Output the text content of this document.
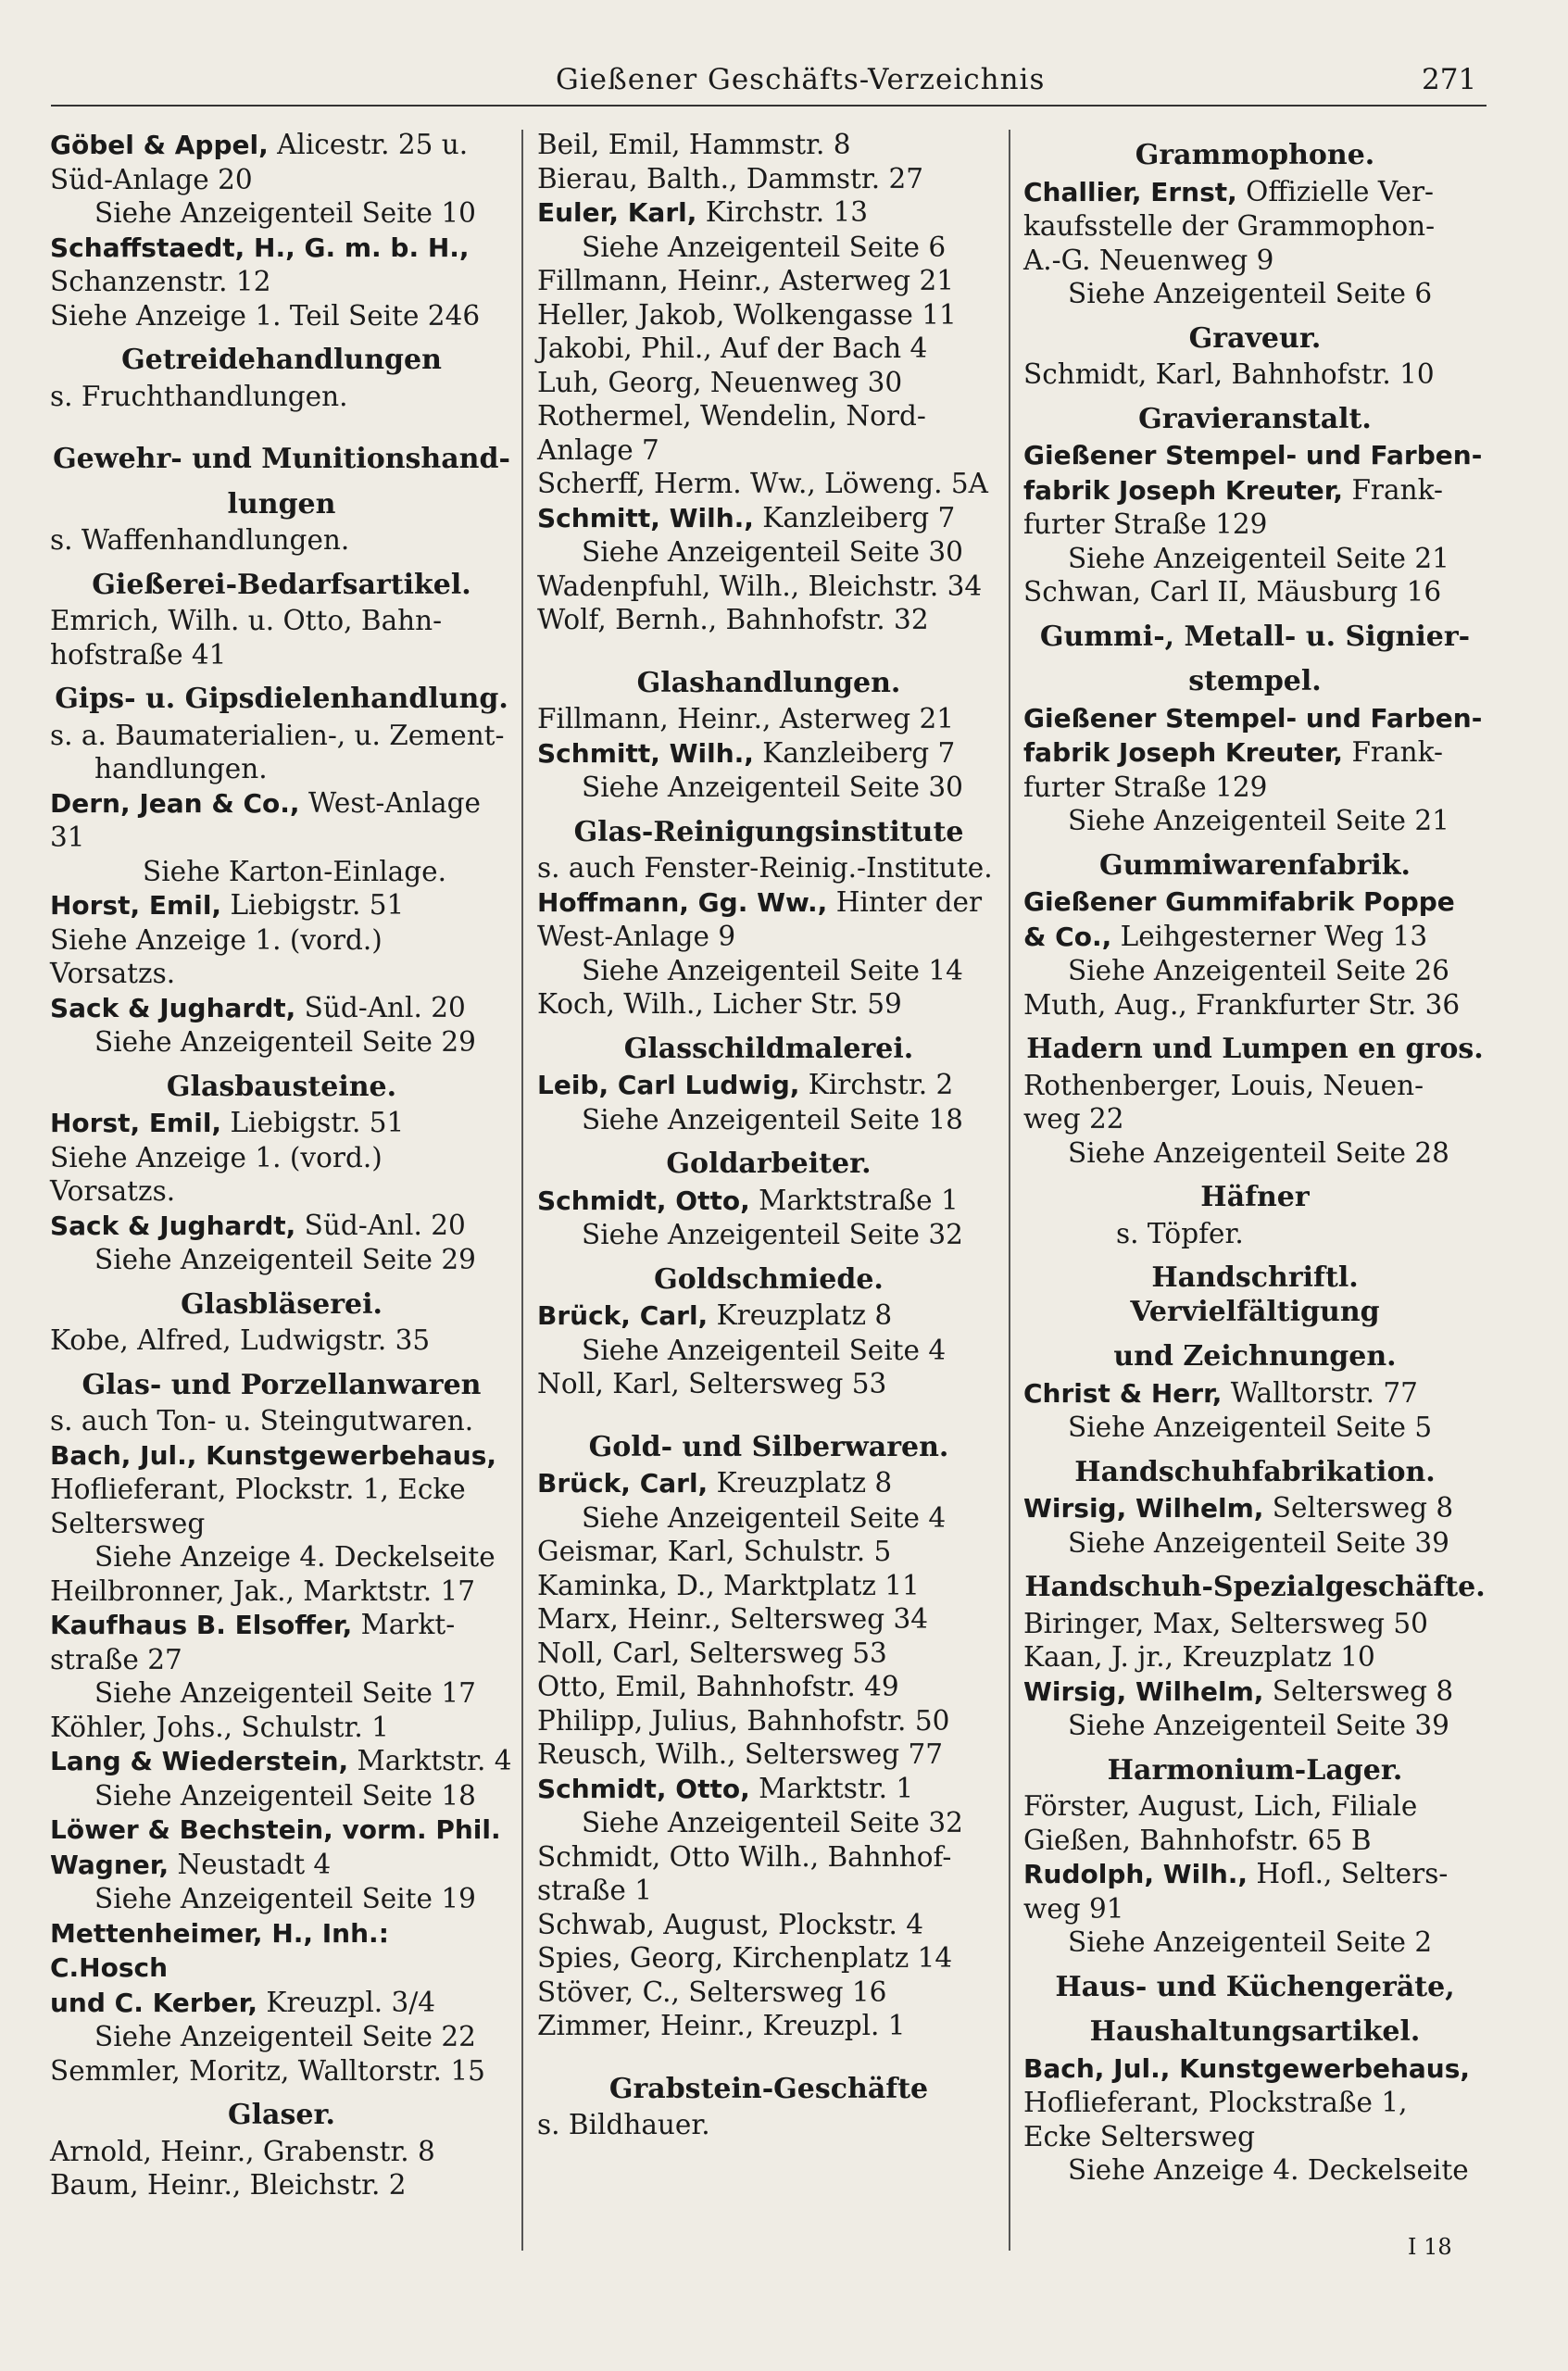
Gießener Geschäfts-Verzeichnis	271
Göbel & Appel, Alicestr. 25 u.
Süd-Anlage 20
Siehe Anzeigenteil Seite 10
Schaffstaedt, H., G. m. b. H.,
Schanzenstr. 12
Siehe Anzeige 1. Teil Seite 246
Getreidehandlungen
s. Fruchthandlungen.
Gewehr- und Munitionshand-
lungen
s. Waffenhandlungen.
Gießerei-Bedarfsartikel.
Emrich, Wilh. u. Otto, Bahn-
hofstraße 41
Gips- u. Gipsdielenhandlung.
s. a. Baumaterialien-, u. Zement-
handlungen.
Dern, Jean & Co., West-Anlage 31
Siehe Karton-Einlage.
Horst, Emil, Liebigstr. 51
Siehe Anzeige 1. (vord.) Vorsatzs.
Sack & Jughardt, Süd-Anl. 20
Siehe Anzeigenteil Seite 29
Glasbausteine.
Horst, Emil, Liebigstr. 51
Siehe Anzeige 1. (vord.) Vorsatzs.
Sack & Jughardt, Süd-Anl. 20
Siehe Anzeigenteil Seite 29
Glasbläserei.
Kobe, Alfred, Ludwigstr. 35
Glas- und Porzellanwaren
s. auch Ton- u. Steingutwaren.
Bach, Jul., Kunstgewerbehaus,
Hoflieferant, Plockstr. 1, Ecke
Seltersweg
Siehe Anzeige 4. Deckelseite
Heilbronner, Jak., Marktstr. 17
Kaufhaus B. Elsoffer, Markt-
straße 27
Siehe Anzeigenteil Seite 17
Köhler, Johs., Schulstr. 1
Lang & Wiederstein, Marktstr. 4
Siehe Anzeigenteil Seite 18
Löwer & Bechstein, vorm. Phil.
Wagner, Neustadt 4
Siehe Anzeigenteil Seite 19
Mettenheimer, H., Inh.: C.Hosch
und C. Kerber, Kreuzpl. 3/4
Siehe Anzeigenteil Seite 22
Semmler, Moritz, Walltorstr. 15
Glaser.
Arnold, Heinr., Grabenstr. 8
Baum, Heinr., Bleichstr. 2
Beil, Emil, Hammstr. 8
Bierau, Balth., Dammstr. 27
Euler, Karl, Kirchstr. 13
Siehe Anzeigenteil Seite 6
Fillmann, Heinr., Asterweg 21
Heller, Jakob, Wolkengasse 11
Jakobi, Phil., Auf der Bach 4
Luh, Georg, Neuenweg 30
Rothermel, Wendelin, Nord-
Anlage 7
Scherff, Herm. Ww., Löweng. 5A
Schmitt, Wilh., Kanzleiberg 7
Siehe Anzeigenteil Seite 30
Wadenpfuhl, Wilh., Bleichstr. 34
Wolf, Bernh., Bahnhofstr. 32
Glashandlungen.
Fillmann, Heinr., Asterweg 21
Schmitt, Wilh., Kanzleiberg 7
Siehe Anzeigenteil Seite 30
Glas-Reinigungsinstitute
s. auch Fenster-Reinig.-Institute.
Hoffmann, Gg. Ww., Hinter der
West-Anlage 9
Siehe Anzeigenteil Seite 14
Koch, Wilh., Licher Str. 59
Glasschildmalerei.
Leib, Carl Ludwig, Kirchstr. 2
Siehe Anzeigenteil Seite 18
Goldarbeiter.
Schmidt, Otto, Marktstraße 1
Siehe Anzeigenteil Seite 32
Goldschmiede.
Brück, Carl, Kreuzplatz 8
Siehe Anzeigenteil Seite 4
Noll, Karl, Seltersweg 53
Gold- und Silberwaren.
Brück, Carl, Kreuzplatz 8
Siehe Anzeigenteil Seite 4
Geismar, Karl, Schulstr. 5
Kaminka, D., Marktplatz 11
Marx, Heinr., Seltersweg 34
Noll, Carl, Seltersweg 53
Otto, Emil, Bahnhofstr. 49
Philipp, Julius, Bahnhofstr. 50
Reusch, Wilh., Seltersweg 77
Schmidt, Otto, Marktstr. 1
Siehe Anzeigenteil Seite 32
Schmidt, Otto Wilh., Bahnhof-
straße 1
Schwab, August, Plockstr. 4
Spies, Georg, Kirchenplatz 14
Stöver, C., Seltersweg 16
Zimmer, Heinr., Kreuzpl. 1
Grabstein-Geschäfte
s. Bildhauer.
Grammophone.
Challier, Ernst, Offizielle Ver-
kaufsstelle der Grammophon-
A.-G. Neuenweg 9
Siehe Anzeigenteil Seite 6
Graveur.
Schmidt, Karl, Bahnhofstr. 10
Gravieranstalt.
Gießener Stempel- und Farben-
fabrik Joseph Kreuter, Frank-
furter Straße 129
Siehe Anzeigenteil Seite 21
Schwan, Carl II, Mäusburg 16
Gummi-, Metall- u. Signier-
stempel.
Gießener Stempel- und Farben-
fabrik Joseph Kreuter, Frank-
furter Straße 129
Siehe Anzeigenteil Seite 21
Gummiwarenfabrik.
Gießener Gummifabrik Poppe
& Co., Leihgesterner Weg 13
Siehe Anzeigenteil Seite 26
Muth, Aug., Frankfurter Str. 36
Hadern und Lumpen en gros.
Rothenberger, Louis, Neuen-
weg 22
Siehe Anzeigenteil Seite 28
Häfner
s. Töpfer.
Handschriftl. Vervielfältigung
und Zeichnungen.
Christ & Herr, Walltorstr. 77
Siehe Anzeigenteil Seite 5
Handschuhfabrikation.
Wirsig, Wilhelm, Seltersweg 8
Siehe Anzeigenteil Seite 39
Handschuh-Spezialgeschäfte.
Biringer, Max, Seltersweg 50
Kaan, J. jr., Kreuzplatz 10
Wirsig, Wilhelm, Seltersweg 8
Siehe Anzeigenteil Seite 39
Harmonium-Lager.
Förster, August, Lich, Filiale
Gießen, Bahnhofstr. 65 B
Rudolph, Wilh., Hofl., Selters-
weg 91
Siehe Anzeigenteil Seite 2
Haus- und Küchengeräte,
Haushaltungsartikel.
Bach, Jul., Kunstgewerbehaus,
Hoflieferant, Plockstraße 1,
Ecke Seltersweg
Siehe Anzeige 4. Deckelseite
I 18
